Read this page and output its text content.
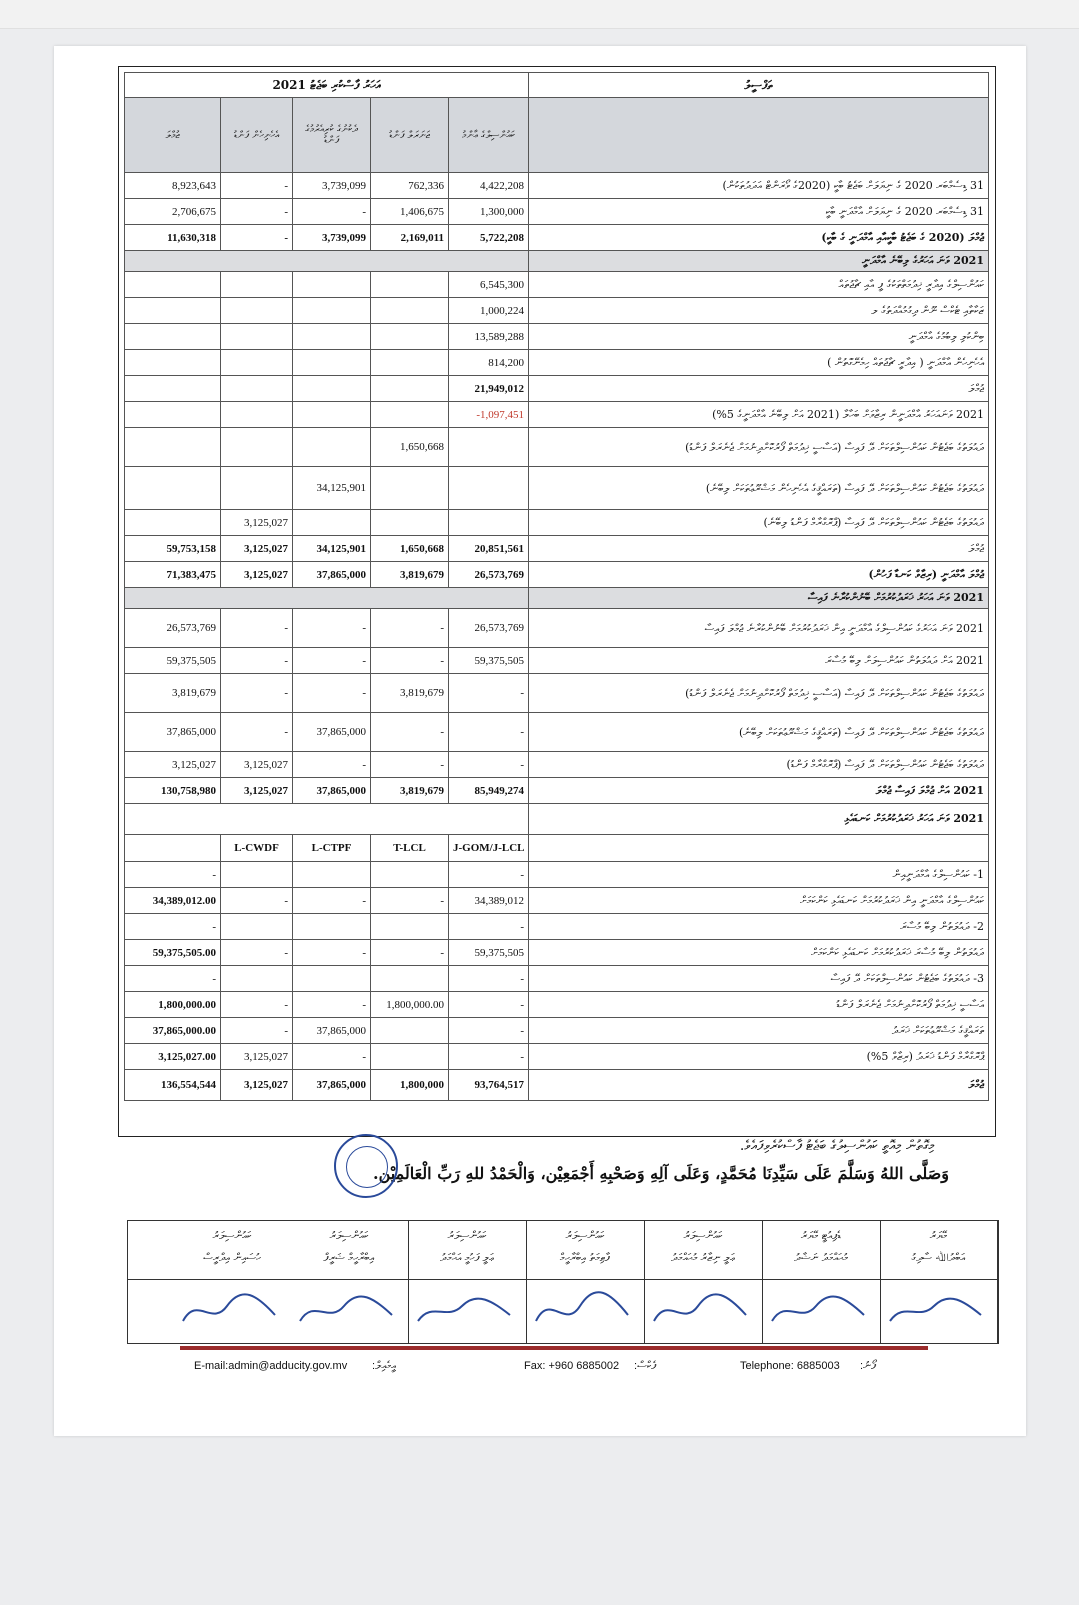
2021 އަހަރު ފާސްކުރި ބަޖެޓު					ތަފްސީލު
ޖުމްލަ	އެހެނިހެން ފަންޑު	ދެކުނުގެ ކުރިއެރުމުގެ ފަންޑު	ޖަނަރަލް ފަންޑު	ކައުންސިލްގެ ޢާންމު	
8,923,643	-	3,739,099	762,336	4,422,208	31 ޑިސެމްބަރ 2020 ގެ ނިޔަލަށް ބަޖެޓު ބާކީ (2020ގެ ވޯރަންޓް އަދަދުތަކުން)
2,706,675	-	-	1,406,675	1,300,000	31 ޑިސެމްބަރ 2020 ގެ ނިޔަލަށް އާމްދަނީ ބާކީ
11,630,318	-	3,739,099	2,169,011	5,722,208	ޖުމްލަ (2020 ގެ ބަޖެޓު ބާކީއާއި އާމްދަނީ ގެ ބާކީ)
					2021 ވަނަ އަހަރުގެ ލިބޭނެ އާމްދަނީ
				6,545,300	ކައުންސިލްގެ އިދާރީ ޚިދުމަތްތަކުގެ ފީ އާއި ޗާޖުތައް
				1,000,224	ޒަކާތާއި ޓެކްސް ނޫން ދިގުމުއްދަތުގެ ލ
				13,589,288	ބިންކުލި ލިބުމުގެ އާމްދަނީ
				814,200	އެހެނިހެން އާމްދަނީ ( އިދާރީ ޗާޖުތައް ހިމެނޭގޮތުން )
				21,949,012	ޖުމްލަ
				-1,097,451	2021 ވަނައަހަރު އާމްދަނީން ރިޒާވަށް ބަހާލާ (2021 އަށް ލިބޭނެ އާމްދަނީގެ 5%)
			1,650,668		ދައުލަތުގެ ބަޖެޓުން ކައުންސިލްތަކަށް ދޭ ފައިސާ (އަސާސީ ޚިދުމަތް ފޯރުކޮށްދިނުމަށް ޖެނެރަލް ފަންޑު)
		34,125,901			ދައުލަތުގެ ބަޖެޓުން ކައުންސިލްތަކަށް ދޭ ފައިސާ (ތަރައްޤީގެ އެހެނިހެން މަޝްރޫޢުތަކަށް ލިބޭނެ)
	3,125,027				ދައުލަތުގެ ބަޖެޓުން ކައުންސިލްތަކަށް ދޭ ފައިސާ (ޕްރޮގްރާމް ފަންޑު ލިބޭނެ)
59,753,158	3,125,027	34,125,901	1,650,668	20,851,561	ޖުމްލަ
71,383,475	3,125,027	37,865,000	3,819,679	26,573,769	ޖުމްލަ އާމްދަނީ (ރިޒާވް ކަނޑާ ފަހުން)
					2021 ވަނަ އަހަރު ޚަރަދުކުރުމަށް ބޭނުންކުރާނެ ފައިސާ
26,573,769	-	-	-	26,573,769	2021 ވަނަ އަހަރުގެ ކައުންސިލްގެ އާމްދަނީ އިން ޚަރަދުކުރުމަށް ބޭނުންކުރާނެ ޖުމްލަ ފައިސާ
59,375,505	-	-	-	59,375,505	2021 އަށް ދައުލަތުން ކައުންސިލަށް ލިބޭ މުސާރަ
3,819,679	-	-	3,819,679	-	ދައުލަތުގެ ބަޖެޓުން ކައުންސިލްތަކަށް ދޭ ފައިސާ (އަސާސީ ޚިދުމަތް ފޯރުކޮށްދިނުމަށް ޖެނެރަލް ފަންޑު)
37,865,000	-	37,865,000	-	-	ދައުލަތުގެ ބަޖެޓުން ކައުންސިލްތަކަށް ދޭ ފައިސާ (ތަރައްޤީގެ މަޝްރޫޢުތަކަށް ލިބޭނެ)
3,125,027	3,125,027	-	-	-	ދައުލަތުގެ ބަޖެޓުން ކައުންސިލްތަކަށް ދޭ ފައިސާ (ޕްރޮގްރާމް ފަންޑު)
130,758,980	3,125,027	37,865,000	3,819,679	85,949,274	2021 އަށް ޖުމްލަ ފައިސާ ޖުމްލަ
					2021 ވަނަ އަހަރު ޚަރަދުކުރުމަށް ކަނޑައެޅި
	L-CWDF	L-CTPF	T-LCL	J-GOM/J-LCL	
-				-	1- ކައުންސިލްގެ އާމްދަނީއިން
34,389,012.00	-	-	-	34,389,012	ކައުންސިލްގެ އާމްދަނީ އިން ޚަރަދުކުރުމަށް ކަނޑައެޅި ކަންކަމަށް
-				-	2- ދައުލަތުން ލިބޭ މުސާރަ
59,375,505.00	-	-	-	59,375,505	ދައުލަތުން ލިބޭ މުސާރަ ޚަރަދުކުރުމަށް ކަނޑައެޅި ކަންކަމަށް
-				-	3- ދައުލަތުގެ ބަޖެޓުން ކައުންސިލްތަކަށް ދޭ ފައިސާ
1,800,000.00	-	-	1,800,000.00	-	އަސާސީ ޚިދުމަތް ފޯރުކޮށްދިނުމަށް ޖެނެރަލް ފަންޑު
37,865,000.00	-	37,865,000		-	ތަރައްޤީގެ މަޝްރޫޢުތަކަށް ޚަރަދު
3,125,027.00	3,125,027	-		-	ޕްރޮގްރާމް ފަންޑު ޚަރަދު (ރިޒާވް 5%)
136,554,544	3,125,027	37,865,000	1,800,000	93,764,517	ޖުމްލަ
މިގޮތުން މިއޮތީ ކައުންސިލުގެ ބަޖެޓު ފާސްކުރެވިފައެވެ.
وَصَلَّى اللهُ وَسَلَّمَ عَلَى سَيِّدِنَا مُحَمَّدٍ، وَعَلَى آلِهِ وَصَحْبِهِ أَجْمَعِيْن، وَالْحَمْدُ للهِ رَبِّ الْعَالَمِيْن.
މޭޔަރު
އަބްދުﷲ ސާދިގު
ޑެޕިއުޓީ މޭޔަރު
މުޙައްމަދު ނަޝާދު
ކައުންސިލަރު
ޢަލީ ނިޒާރު މުޙައްމަދު
ކައުންސިލަރު
ފާޠިމަތު އިބްރާހީމް
ކައުންސިލަރު
ޢަލީ ފަހުމީ އަޙްމަދު
ކައުންސިލަރު
އިބްރާހީމް ޝަރީފް
ކައުންސިލަރު
ހުސައިން އިދްރީސް
E-mail:admin@adducity.gov.mv :އީމެއިލް	Fax: +960 6885002 :ފެކްސް	Telephone: 6885003 :ފޯނު
